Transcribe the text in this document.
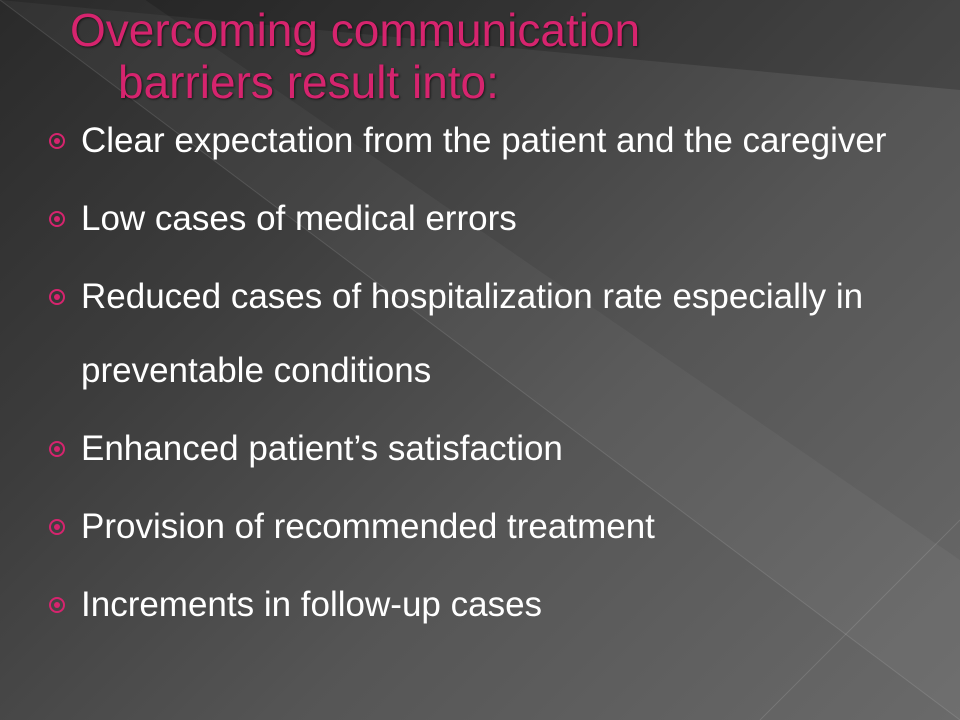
Overcoming communication
barriers result into:
Clear expectation from the patient and the caregiver
Low cases of medical errors
Reduced cases of hospitalization rate especially in preventable conditions
Enhanced patient’s satisfaction
Provision of recommended treatment
Increments in follow-up cases
